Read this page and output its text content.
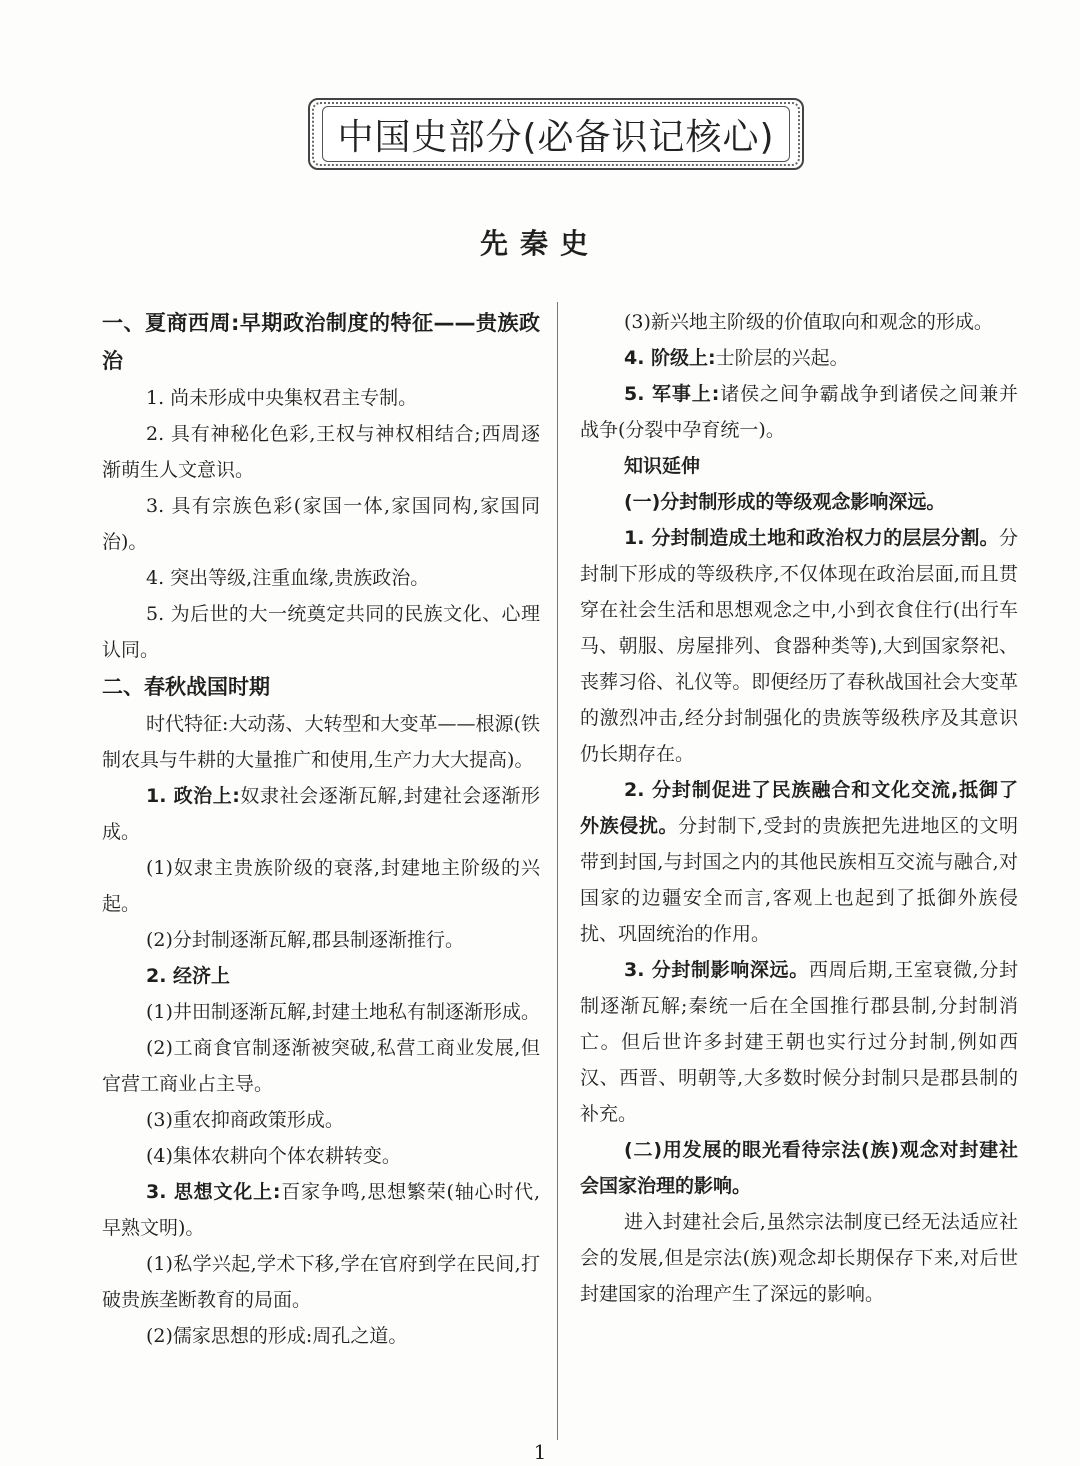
中国史部分(必备识记核心)
先秦史

一、夏商西周:早期政治制度的特征——贵族政治

1. 尚未形成中央集权君主专制。

2. 具有神秘化色彩,王权与神权相结合;西周逐渐萌生人文意识。

3. 具有宗族色彩(家国一体,家国同构,家国同治)。

4. 突出等级,注重血缘,贵族政治。

5. 为后世的大一统奠定共同的民族文化、心理认同。

二、春秋战国时期

时代特征:大动荡、大转型和大变革——根源(铁制农具与牛耕的大量推广和使用,生产力大大提高)。

1. 政治上:奴隶社会逐渐瓦解,封建社会逐渐形成。

(1)奴隶主贵族阶级的衰落,封建地主阶级的兴起。

(2)分封制逐渐瓦解,郡县制逐渐推行。

2. 经济上

(1)井田制逐渐瓦解,封建土地私有制逐渐形成。

(2)工商食官制逐渐被突破,私营工商业发展,但官营工商业占主导。

(3)重农抑商政策形成。

(4)集体农耕向个体农耕转变。

3. 思想文化上:百家争鸣,思想繁荣(轴心时代,早熟文明)。

(1)私学兴起,学术下移,学在官府到学在民间,打破贵族垄断教育的局面。

(2)儒家思想的形成:周孔之道。

(3)新兴地主阶级的价值取向和观念的形成。

4. 阶级上:士阶层的兴起。

5. 军事上:诸侯之间争霸战争到诸侯之间兼并战争(分裂中孕育统一)。

知识延伸

(一)分封制形成的等级观念影响深远。

1. 分封制造成土地和政治权力的层层分割。分封制下形成的等级秩序,不仅体现在政治层面,而且贯穿在社会生活和思想观念之中,小到衣食住行(出行车马、朝服、房屋排列、食器种类等),大到国家祭祀、丧葬习俗、礼仪等。即便经历了春秋战国社会大变革的激烈冲击,经分封制强化的贵族等级秩序及其意识仍长期存在。

2. 分封制促进了民族融合和文化交流,抵御了外族侵扰。分封制下,受封的贵族把先进地区的文明带到封国,与封国之内的其他民族相互交流与融合,对国家的边疆安全而言,客观上也起到了抵御外族侵扰、巩固统治的作用。

3. 分封制影响深远。西周后期,王室衰微,分封制逐渐瓦解;秦统一后在全国推行郡县制,分封制消亡。但后世许多封建王朝也实行过分封制,例如西汉、西晋、明朝等,大多数时候分封制只是郡县制的补充。

(二)用发展的眼光看待宗法(族)观念对封建社会国家治理的影响。

进入封建社会后,虽然宗法制度已经无法适应社会的发展,但是宗法(族)观念却长期保存下来,对后世封建国家的治理产生了深远的影响。

1
